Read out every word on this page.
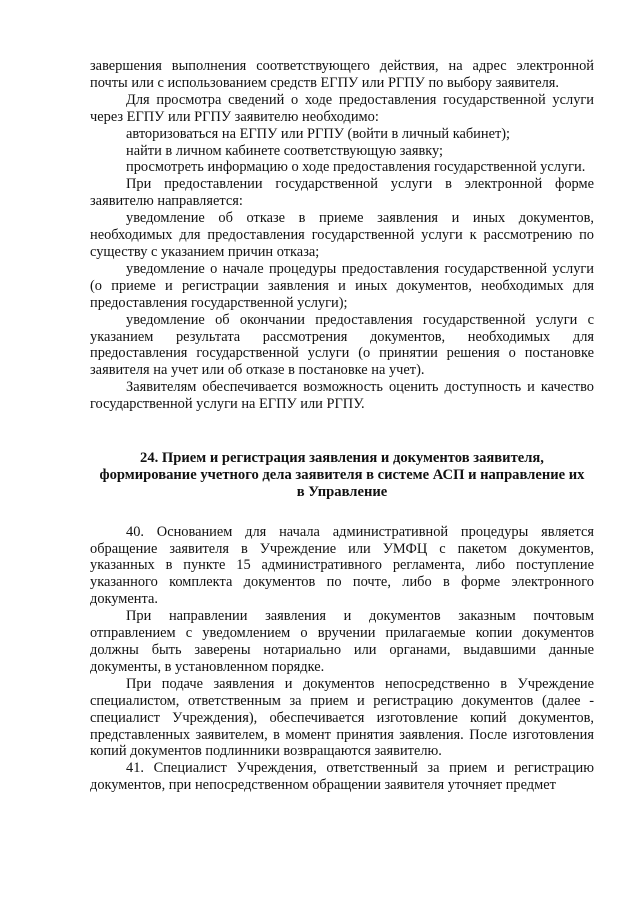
завершения выполнения соответствующего действия, на адрес электронной почты или с использованием средств ЕГПУ или РГПУ по выбору заявителя.

Для просмотра сведений о ходе предоставления государственной услуги через ЕГПУ или РГПУ заявителю необходимо:

авторизоваться на ЕГПУ или РГПУ (войти в личный кабинет);

найти в личном кабинете соответствующую заявку;

просмотреть информацию о ходе предоставления государственной услуги.

При предоставлении государственной услуги в электронной форме заявителю направляется:

уведомление об отказе в приеме заявления и иных документов, необходимых для предоставления государственной услуги к рассмотрению по существу с указанием причин отказа;

уведомление о начале процедуры предоставления государственной услуги (о приеме и регистрации заявления и иных документов, необходимых для предоставления государственной услуги);

уведомление об окончании предоставления государственной услуги с указанием результата рассмотрения документов, необходимых для предоставления государственной услуги (о принятии решения о постановке заявителя на учет или об отказе в постановке на учет).

Заявителям обеспечивается возможность оценить доступность и качество государственной услуги на ЕГПУ или РГПУ.

24. Прием и регистрация заявления и документов заявителя,
формирование учетного дела заявителя в системе АСП и направление их
в Управление

40. Основанием для начала административной процедуры является обращение заявителя в Учреждение или УМФЦ с пакетом документов, указанных в пункте 15 административного регламента, либо поступление указанного комплекта документов по почте, либо в форме электронного документа.

При направлении заявления и документов заказным почтовым отправлением с уведомлением о вручении прилагаемые копии документов должны быть заверены нотариально или органами, выдавшими данные документы, в установленном порядке.

При подаче заявления и документов непосредственно в Учреждение специалистом, ответственным за прием и регистрацию документов (далее - специалист Учреждения), обеспечивается изготовление копий документов, представленных заявителем, в момент принятия заявления. После изготовления копий документов подлинники возвращаются заявителю.

41. Специалист Учреждения, ответственный за прием и регистрацию документов, при непосредственном обращении заявителя уточняет предмет
